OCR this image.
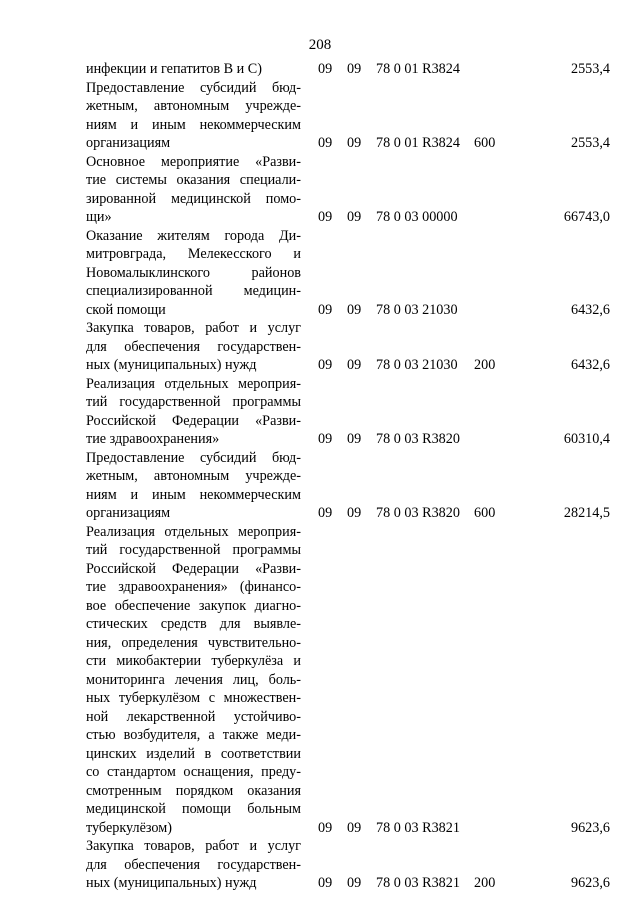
208
инфекции и гепатитов В и С)	09 09 78 0 01 R3824	2553,4
Предоставление субсидий бюд-
жетным, автономным учрежде-
ниям и иным некоммерческим
организациям	09 09 78 0 01 R3824 600	2553,4
Основное мероприятие «Разви-
тие системы оказания специали-
зированной медицинской помо-
щи»	09 09 78 0 03 00000	66743,0
Оказание жителям города Ди-
митровграда, Мелекесского и
Новомалыклинского районов
специализированной медицин-
ской помощи	09 09 78 0 03 21030	6432,6
Закупка товаров, работ и услуг
для обеспечения государствен-
ных (муниципальных) нужд	09 09 78 0 03 21030 200	6432,6
Реализация отдельных мероприя-
тий государственной программы
Российской Федерации «Разви-
тие здравоохранения»	09 09 78 0 03 R3820	60310,4
Предоставление субсидий бюд-
жетным, автономным учрежде-
ниям и иным некоммерческим
организациям	09 09 78 0 03 R3820 600	28214,5
Реализация отдельных мероприя-
тий государственной программы
Российской Федерации «Разви-
тие здравоохранения» (финансо-
вое обеспечение закупок диагно-
стических средств для выявле-
ния, определения чувствительно-
сти микобактерии туберкулёза и
мониторинга лечения лиц, боль-
ных туберкулёзом с множествен-
ной лекарственной устойчиво-
стью возбудителя, а также меди-
цинских изделий в соответствии
со стандартом оснащения, преду-
смотренным порядком оказания
медицинской помощи больным
туберкулёзом)	09 09 78 0 03 R3821	9623,6
Закупка товаров, работ и услуг
для обеспечения государствен-
ных (муниципальных) нужд	09 09 78 0 03 R3821 200	9623,6
